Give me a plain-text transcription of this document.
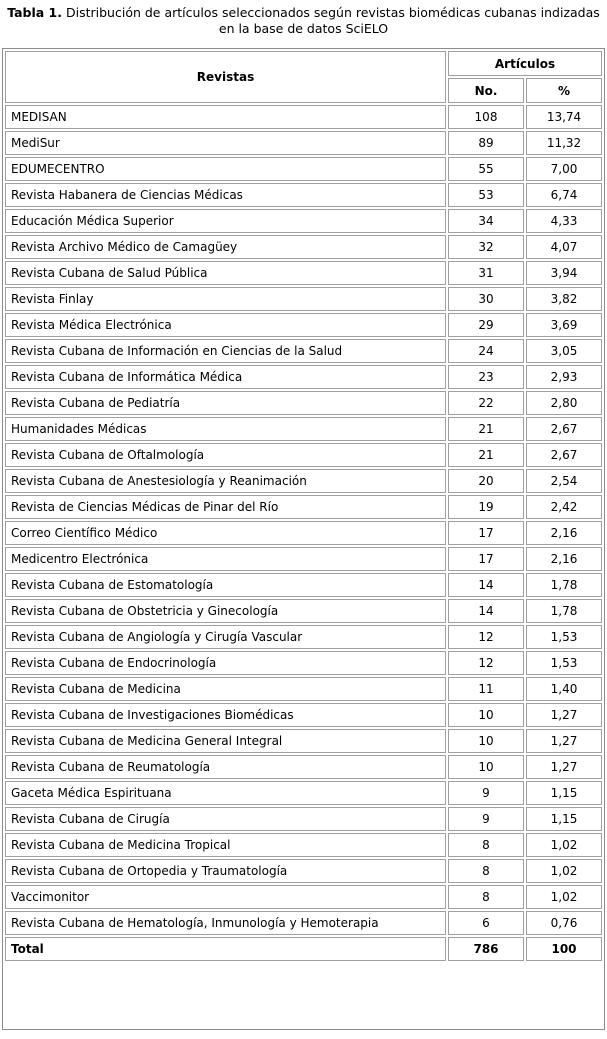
Tabla 1. Distribución de artículos seleccionados según revistas biomédicas cubanas indizadas en la base de datos SciELO
Revistas	Artículos	
	No.	%
MEDISAN	108	13,74
MediSur	89	11,32
EDUMECENTRO	55	7,00
Revista Habanera de Ciencias Médicas	53	6,74
Educación Médica Superior	34	4,33
Revista Archivo Médico de Camagüey	32	4,07
Revista Cubana de Salud Pública	31	3,94
Revista Finlay	30	3,82
Revista Médica Electrónica	29	3,69
Revista Cubana de Información en Ciencias de la Salud	24	3,05
Revista Cubana de Informática Médica	23	2,93
Revista Cubana de Pediatría	22	2,80
Humanidades Médicas	21	2,67
Revista Cubana de Oftalmología	21	2,67
Revista Cubana de Anestesiología y Reanimación	20	2,54
Revista de Ciencias Médicas de Pinar del Río	19	2,42
Correo Científico Médico	17	2,16
Medicentro Electrónica	17	2,16
Revista Cubana de Estomatología	14	1,78
Revista Cubana de Obstetricia y Ginecología	14	1,78
Revista Cubana de Angiología y Cirugía Vascular	12	1,53
Revista Cubana de Endocrinología	12	1,53
Revista Cubana de Medicina	11	1,40
Revista Cubana de Investigaciones Biomédicas	10	1,27
Revista Cubana de Medicina General Integral	10	1,27
Revista Cubana de Reumatología	10	1,27
Gaceta Médica Espirituana	9	1,15
Revista Cubana de Cirugía	9	1,15
Revista Cubana de Medicina Tropical	8	1,02
Revista Cubana de Ortopedia y Traumatología	8	1,02
Vaccimonitor	8	1,02
Revista Cubana de Hematología, Inmunología y Hemoterapia	6	0,76
Total	786	100
